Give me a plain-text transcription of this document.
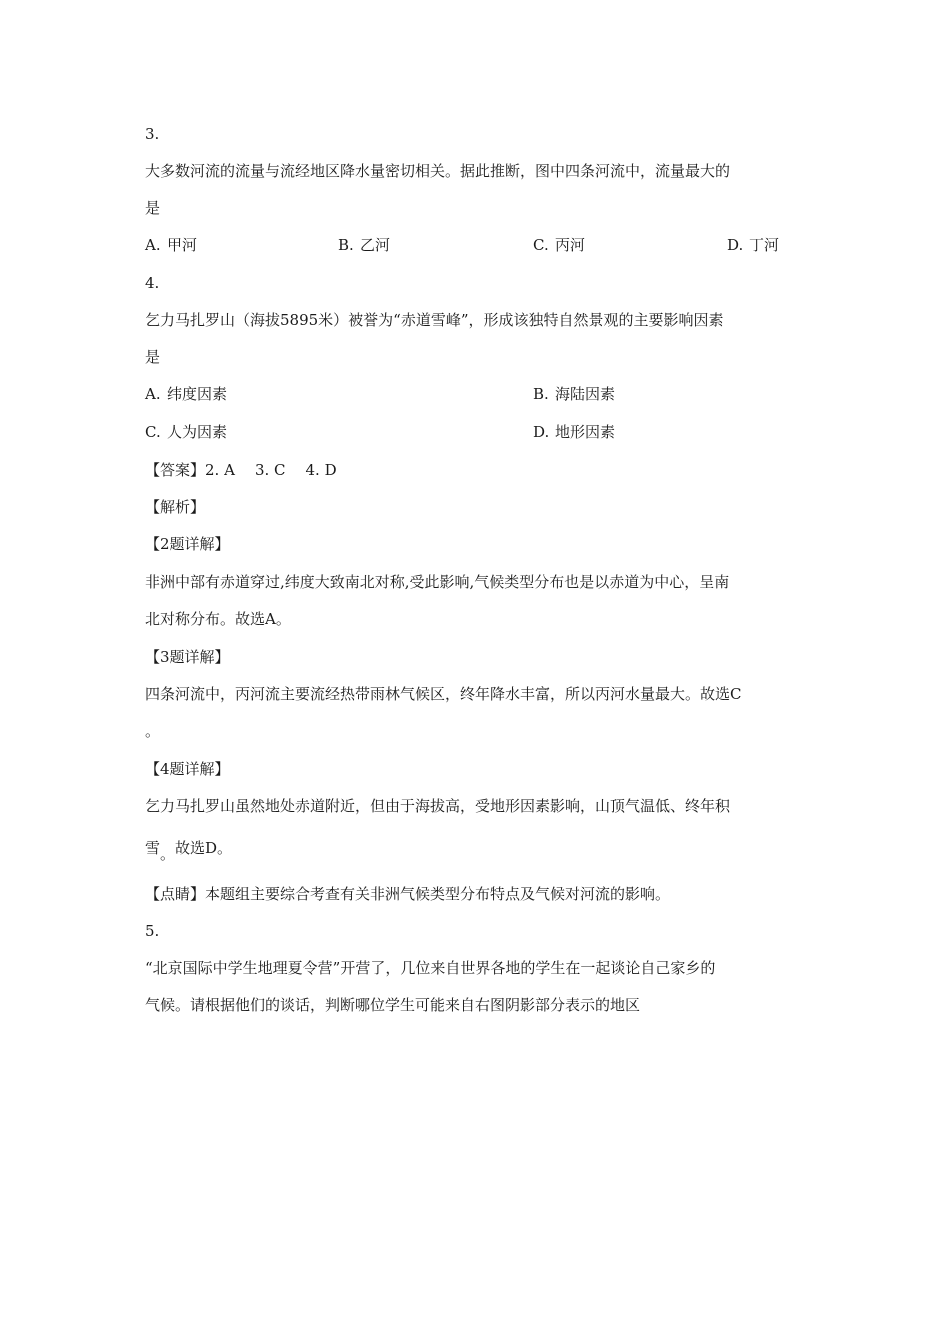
3.
大多数河流的流量与流经地区降水量密切相关。据此推断，图中四条河流中，流量最大的
是
A. 甲河	B. 乙河	C. 丙河	D. 丁河
4.
乞力马扎罗山（海拔5895米）被誉为“赤道雪峰”，形成该独特自然景观的主要影响因素
是
A. 纬度因素	B. 海陆因素
C. 人为因素	D. 地形因素
【答案】2. A 3. C 4. D
【解析】
【2题详解】
非洲中部有赤道穿过,纬度大致南北对称,受此影响,气候类型分布也是以赤道为中心，呈南
北对称分布。故选A。
【3题详解】
四条河流中，丙河流主要流经热带雨林气候区，终年降水丰富，所以丙河水量最大。故选C
。
【4题详解】
乞力马扎罗山虽然地处赤道附近，但由于海拔高，受地形因素影响，山顶气温低、终年积
雪。故选D。
【点睛】本题组主要综合考查有关非洲气候类型分布特点及气候对河流的影响。
5.
“北京国际中学生地理夏令营”开营了，几位来自世界各地的学生在一起谈论自己家乡的
气候。请根据他们的谈话，判断哪位学生可能来自右图阴影部分表示的地区
